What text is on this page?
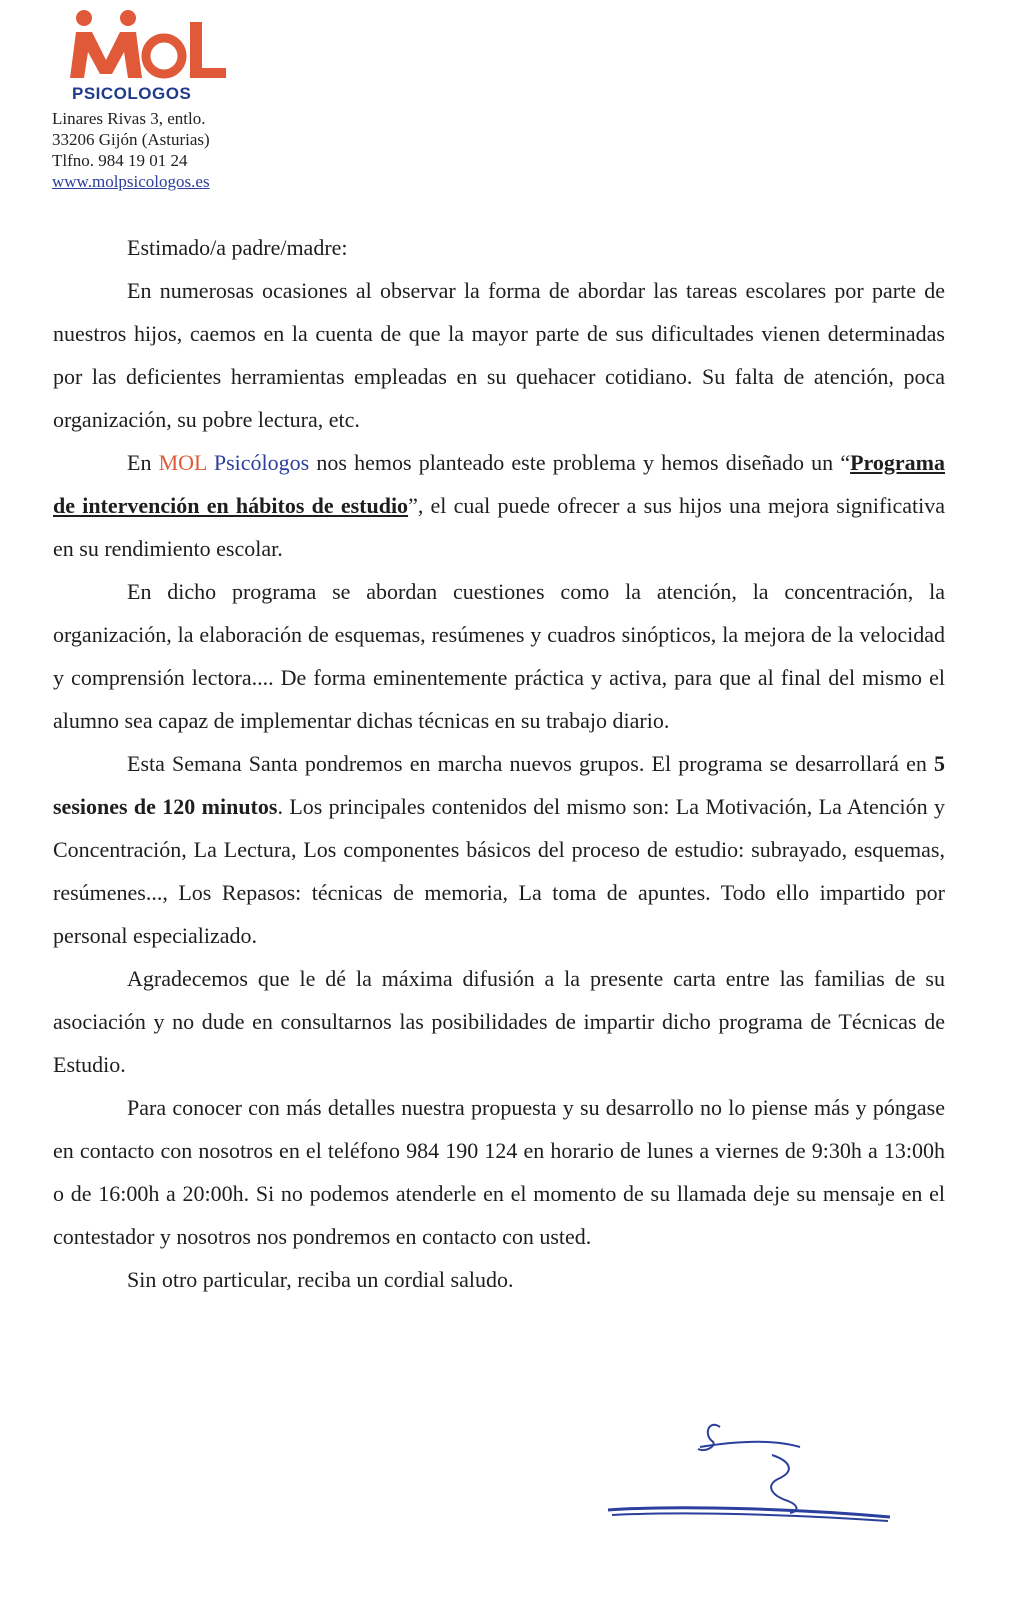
PSICOLOGOS
Linares Rivas 3, entlo.
33206 Gijón (Asturias)
Tlfno. 984 19 01 24
www.molpsicologos.es

Estimado/a padre/madre:

En numerosas ocasiones al observar la forma de abordar las tareas escolares por parte de nuestros hijos, caemos en la cuenta de que la mayor parte de sus dificultades vienen determinadas por las deficientes herramientas empleadas en su quehacer cotidiano. Su falta de atención, poca organización, su pobre lectura, etc.

En MOL Psicólogos nos hemos planteado este problema y hemos diseñado un “Programa de intervención en hábitos de estudio”, el cual puede ofrecer a sus hijos una mejora significativa en su rendimiento escolar.

En dicho programa se abordan cuestiones como la atención, la concentración, la organización, la elaboración de esquemas, resúmenes y cuadros sinópticos, la mejora de la velocidad y comprensión lectora.... De forma eminentemente práctica y activa, para que al final del mismo el alumno sea capaz de implementar dichas técnicas en su trabajo diario.

Esta Semana Santa pondremos en marcha nuevos grupos. El programa se desarrollará en 5 sesiones de 120 minutos. Los principales contenidos del mismo son: La Motivación, La Atención y Concentración, La Lectura, Los componentes básicos del proceso de estudio: subrayado, esquemas, resúmenes..., Los Repasos: técnicas de memoria, La toma de apuntes. Todo ello impartido por personal especializado.

Agradecemos que le dé la máxima difusión a la presente carta entre las familias de su asociación y no dude en consultarnos las posibilidades de impartir dicho programa de Técnicas de Estudio.

Para conocer con más detalles nuestra propuesta y su desarrollo no lo piense más y póngase en contacto con nosotros en el teléfono 984 190 124 en horario de lunes a viernes de 9:30h a 13:00h o de 16:00h a 20:00h. Si no podemos atenderle en el momento de su llamada deje su mensaje en el contestador y nosotros nos pondremos en contacto con usted.

Sin otro particular, reciba un cordial saludo.
